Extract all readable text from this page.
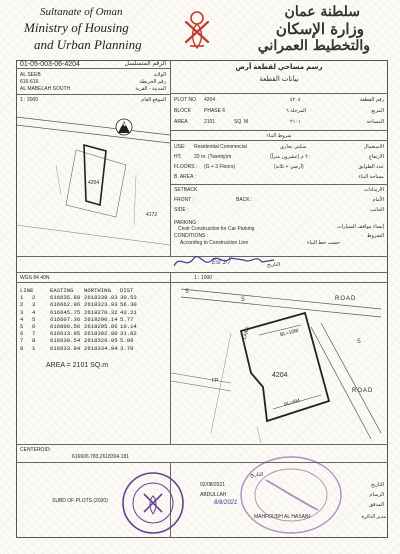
Sultanate of Oman
Ministry of Housing
and Urban Planning
سلطنة عمان
وزارة الإسكان
والتخطيط العمراني
01-05-003-06-4204	الرقم المتسلسل
AL SEEB	الولاية
616-616	رقم الخريطة
AL MABELAH SOUTH	المدينة - القرية
1 : 2000	الموقع العام
N
4204
4172
رسم مساحي لقطعة أرض
بيانات القطعة
PLOT NO. 4204	٤٢٠٤	رقم القطعة
BLOCK	PHASE 6	المرحلة ٦	المربع
AREA	2101	SQ. M	٢١٠١	المساحة
شروط البناء
USE: Residential Commercial	سكني تجاري	الاستعمال
HT:	20 m. (Twenty)m	٢٠ م (عشرون متراً)	الارتفاع
FLOORS : (G + 3 Floors)	(أرضي + ثلاثة)	عدد الطوابق
B. AREA :	مساحة البناء
SETBACK	الارتدادات
FRONT :	BACK :	الأمام
SIDE :	الجانب
PARKING :
Cnstr Construction for Car Parking	إنشاء مواقف السيارات
CONDITIONS :
According to Construction Line	حسب خط البناء
الشروط
Est 1/7	التاريخ
WGS 84 40N	1 : 1000
LINE	EASTING	NORTHING	DIST
1	2	616635.88 2618338.03 30.53
2	3	616662.96 2618323.93 56.30
3	4	616645.75 2618270.32 43.21
4	5	616607.36 2618290.14 5.77
5	6	616606.56 2618295.86 10.14
6	7	616613.95 2618302.80 31.82
7	8	616630.54 2618329.95 5.99
8	1	616633.84 2618334.94 3.70
AREA = 2101 SQ.m
S
S
S
ROAD
ROAD
LANE
4204
BL=10M
BL=6M
FP
CENTEROID:
616606.783,2618304.181
SUBD OF PLOTS (2020)
التاريخ
02/08/2021	التاريخ
ABDULLAH	الرسام
المدقق
8/8/2021
MAHFOUDH AL HASANI	مدير الدائرة
